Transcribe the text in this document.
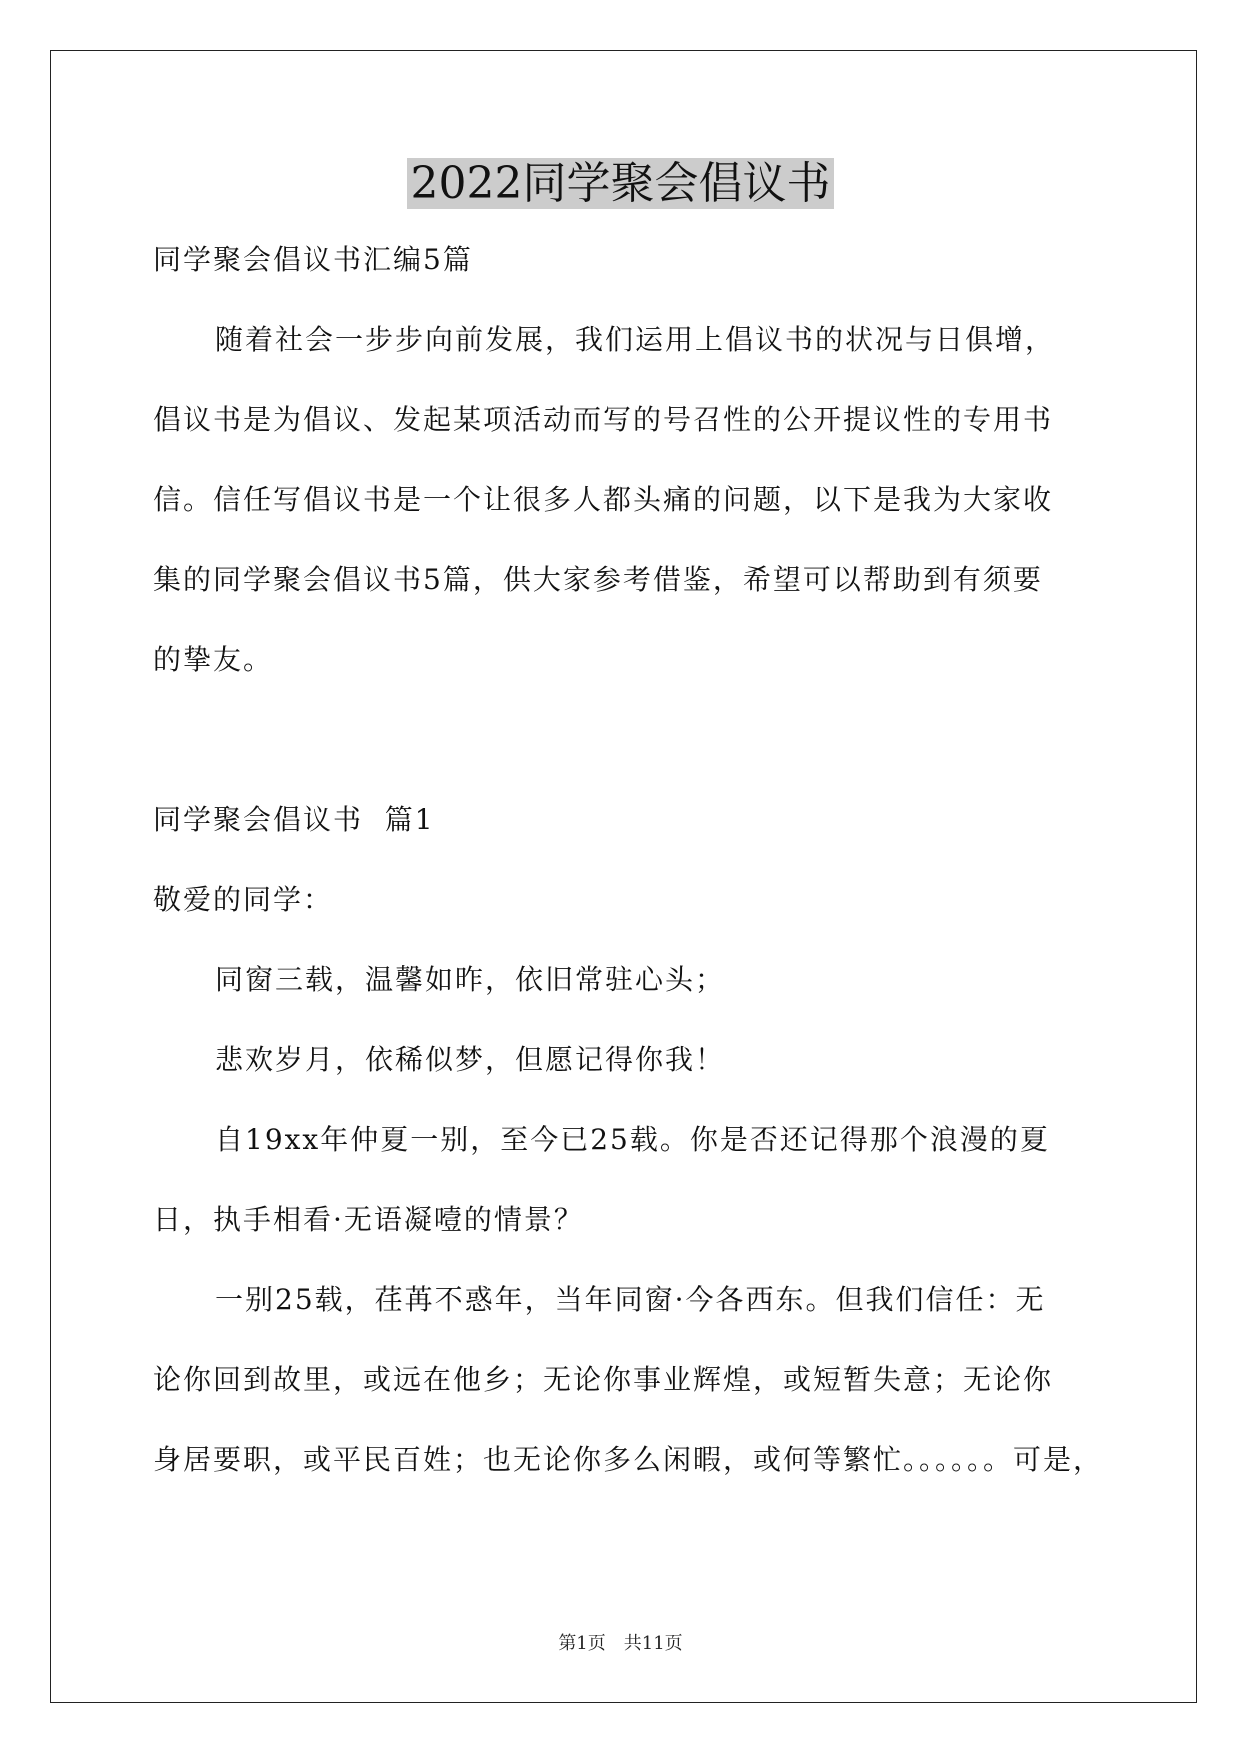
2022同学聚会倡议书
同学聚会倡议书汇编5篇
随着社会一步步向前发展，我们运用上倡议书的状况与日俱增，
倡议书是为倡议、发起某项活动而写的号召性的公开提议性的专用书
信。信任写倡议书是一个让很多人都头痛的问题，以下是我为大家收
集的同学聚会倡议书5篇，供大家参考借鉴，希望可以帮助到有须要
的挚友。
同学聚会倡议书  篇1
敬爱的同学：
同窗三载，温馨如昨，依旧常驻心头；
悲欢岁月，依稀似梦，但愿记得你我！
自19xx年仲夏一别，至今已25载。你是否还记得那个浪漫的夏
日，执手相看·无语凝噎的情景？
一别25载，荏苒不惑年，当年同窗·今各西东。但我们信任：无
论你回到故里，或远在他乡；无论你事业辉煌，或短暂失意；无论你
身居要职，或平民百姓；也无论你多么闲暇，或何等繁忙。。。。。。可是，
第1页　共11页
